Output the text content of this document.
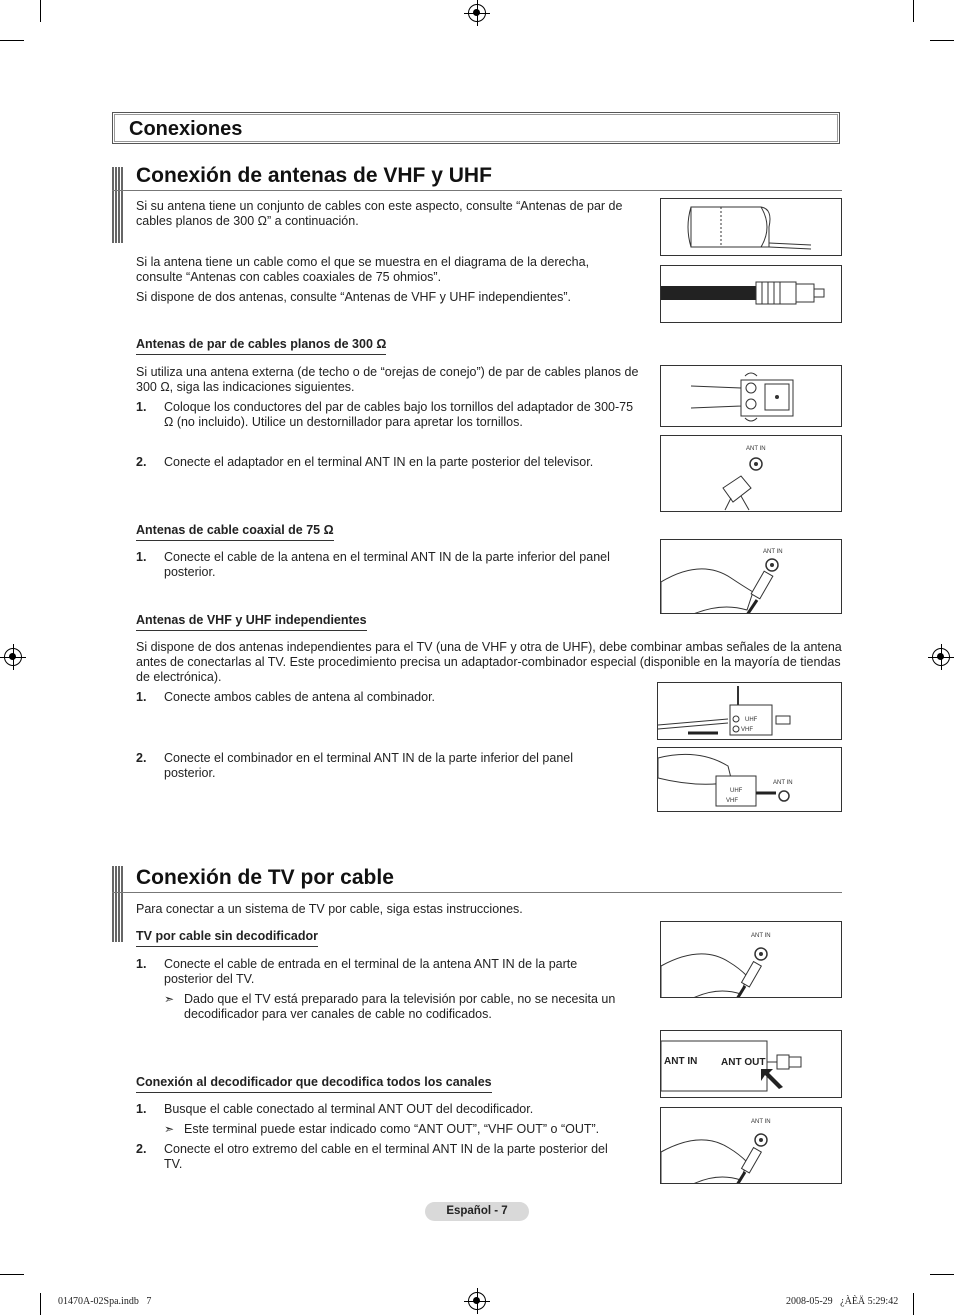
Conexiones
Conexión de antenas de VHF y UHF
Si su antena tiene un conjunto de cables con este aspecto, consulte “Antenas de par de cables planos de 300 Ω” a continuación.
Si la antena tiene un cable como el que se muestra en el diagrama de la derecha, consulte “Antenas con cables coaxiales de 75 ohmios”.
Si dispone de dos antenas, consulte “Antenas de VHF y UHF independientes”.
Antenas de par de cables planos de 300 Ω
Si utiliza una antena externa (de techo o de “orejas de conejo”) de par de cables planos de 300 Ω, siga las indicaciones siguientes.
1. Coloque los conductores del par de cables bajo los tornillos del adaptador de 300-75 Ω (no incluido). Utilice un destornillador para apretar los tornillos.
2. Conecte el adaptador en el terminal ANT IN en la parte posterior del televisor.
ANT IN
Antenas de cable coaxial de 75 Ω
1. Conecte el cable de la antena en el terminal ANT IN de la parte inferior del panel posterior.
ANT IN
Antenas de VHF y UHF independientes
Si dispone de dos antenas independientes para el TV (una de VHF y otra de UHF), debe combinar ambas señales de la antena antes de conectarlas al TV. Este procedimiento precisa un adaptador-combinador especial (disponible en la mayoría de tiendas de electrónica).
1. Conecte ambos cables de antena al combinador.
2. Conecte el combinador en el terminal ANT IN de la parte inferior del panel posterior.
UHF
VHF
UHF
VHF
ANT IN
Conexión de TV por cable
Para conectar a un sistema de TV por cable, siga estas instrucciones.
TV por cable sin decodificador
1. Conecte el cable de entrada en el terminal de la antena ANT IN de la parte posterior del TV.
➣ Dado que el TV está preparado para la televisión por cable, no se necesita un decodificador para ver canales de cable no codificados.
ANT IN
Conexión al decodificador que decodifica todos los canales
1. Busque el cable conectado al terminal ANT OUT del decodificador.
➣ Este terminal puede estar indicado como “ANT OUT”, “VHF OUT” o “OUT”.
2. Conecte el otro extremo del cable en el terminal ANT IN de la parte posterior del TV.
ANT IN ANT OUT
ANT IN
Español - 7
01470A-02Spa.indb   7	2008-05-29   ¿ÀÈÄ 5:29:42
